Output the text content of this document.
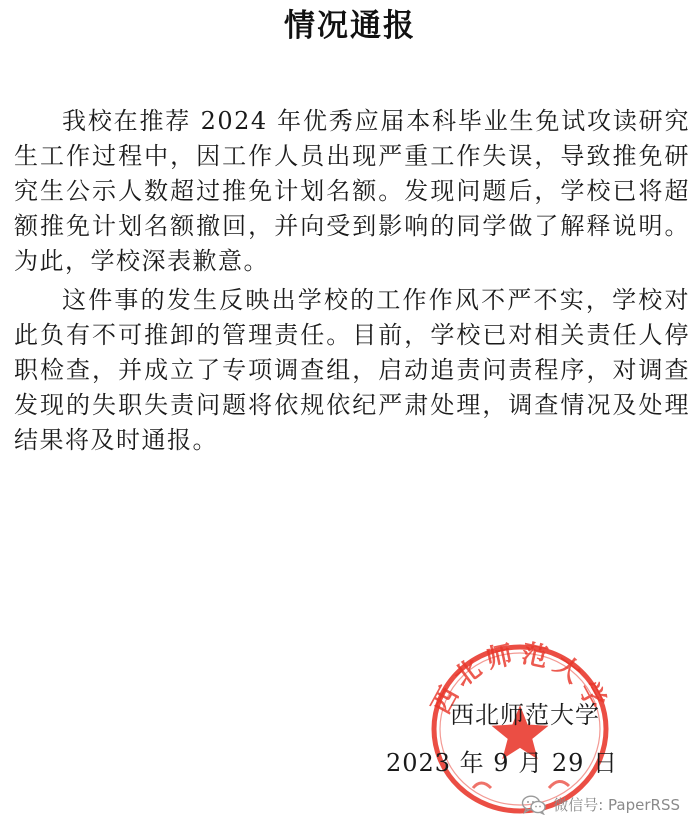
情况通报

我校在推荐 2024 年优秀应届本科毕业生免试攻读研究生工作过程中，因工作人员出现严重工作失误，导致推免研究生公示人数超过推免计划名额。发现问题后，学校已将超额推免计划名额撤回，并向受到影响的同学做了解释说明。为此，学校深表歉意。

这件事的发生反映出学校的工作作风不严不实，学校对此负有不可推卸的管理责任。目前，学校已对相关责任人停职检查，并成立了专项调查组，启动追责问责程序，对调查发现的失职失责问题将依规依纪严肃处理，调查情况及处理结果将及时通报。

西北师范大学
西北师范大学
2023 年 9 月 29 日
微信号: PaperRSS
